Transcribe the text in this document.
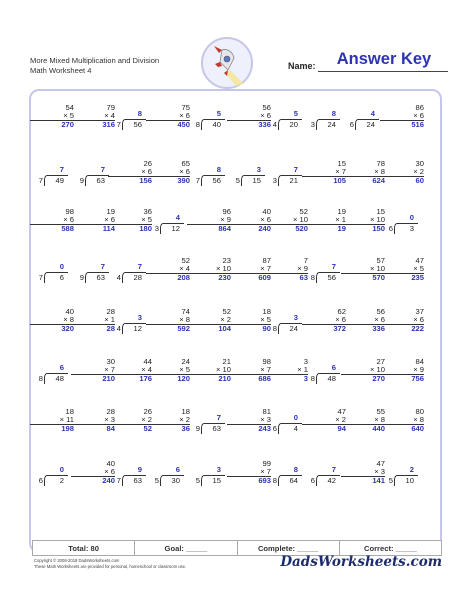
More Mixed Multiplication and Division
Math Worksheet 4	Name:	Answer Key
54
× 5
270
79
× 4
316
8
56
7
75
× 6
450
5
40
8
56
× 6
336
5
20
4
8
24
3
4
24
6
86
× 6
516
7
49
7
7
63
9
26
× 6
156
65
× 6
390
8
56
7
3
15
5
7
21
3
15
× 7
105
78
× 8
624
30
× 2
60
98
× 6
588
19
× 6
114
36
× 5
180
4
12
3
96
× 9
864
40
× 6
240
52
× 10
520
19
× 1
19
15
× 10
150
0
3
6
0
6
7
7
63
9
7
28
4
52
× 4
208
23
× 10
230
87
× 7
609
7
× 9
63
7
56
8
57
× 10
570
47
× 5
235
40
× 8
320
28
× 1
28
3
12
4
74
× 8
592
52
× 2
104
18
× 5
90
3
24
8
62
× 6
372
56
× 6
336
37
× 6
222
6
48
8
30
× 7
210
44
× 4
176
24
× 5
120
21
× 10
210
98
× 7
686
3
× 1
3
6
48
8
27
× 10
270
84
× 9
756
18
× 11
198
28
× 3
84
26
× 2
52
18
× 2
36
7
63
9
81
× 3
243
0
4
6
47
× 2
94
55
× 8
440
80
× 8
640
0
2
6
40
× 6
240
9
63
7
6
30
5
3
15
5
99
× 7
693
8
64
8
7
42
6
47
× 3
141
2
10
5
Total: 80	Goal: _____	Complete: _____	Correct: _____
Copyright © 2008-2018 DadsWorksheets.com
These Math Worksheets are provided for personal, homeschool or classroom use.	DadsWorksheets.com
